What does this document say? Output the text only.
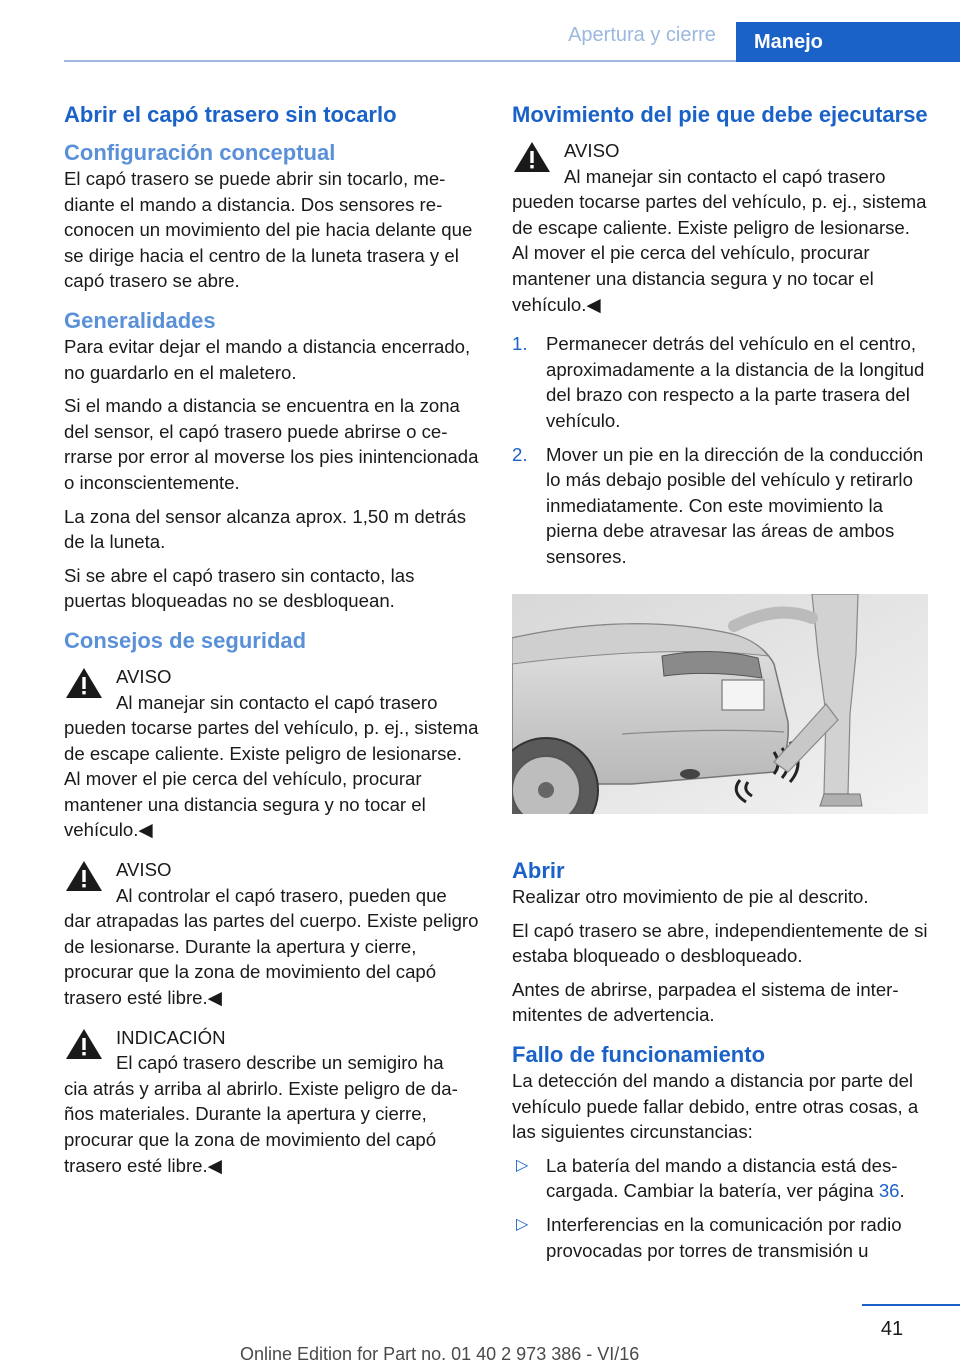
Apertura y cierre	Manejo
Abrir el capó trasero sin tocarlo
Configuración conceptual

El capó trasero se puede abrir sin tocarlo, mediante el mando a distancia. Dos sensores reconocen un movimiento del pie hacia delante que se dirige hacia el centro de la luneta trasera y el capó trasero se abre.

Generalidades

Para evitar dejar el mando a distancia encerrado, no guardarlo en el maletero.

Si el mando a distancia se encuentra en la zona del sensor, el capó trasero puede abrirse o cerrarse por error al moverse los pies inintencionada o inconscientemente.

La zona del sensor alcanza aprox. 1,50 m detrás de la luneta.

Si se abre el capó trasero sin contacto, las puertas bloqueadas no se desbloquean.

Consejos de seguridad
AVISO
Al manejar sin contacto el capó trasero
pueden tocarse partes del vehículo, p. ej., sistema de escape caliente. Existe peligro de lesionarse. Al mover el pie cerca del vehículo, procurar mantener una distancia segura y no tocar el vehículo.◀
AVISO
Al controlar el capó trasero, pueden que
dar atrapadas las partes del cuerpo. Existe peligro de lesionarse. Durante la apertura y cierre, procurar que la zona de movimiento del capó trasero esté libre.◀
INDICACIÓN
El capó trasero describe un semigiro ha
cia atrás y arriba al abrirlo. Existe peligro de daños materiales. Durante la apertura y cierre, procurar que la zona de movimiento del capó trasero esté libre.◀
Movimiento del pie que debe ejecutarse
AVISO
Al manejar sin contacto el capó trasero
pueden tocarse partes del vehículo, p. ej., sistema de escape caliente. Existe peligro de lesionarse. Al mover el pie cerca del vehículo, procurar mantener una distancia segura y no tocar el vehículo.◀
1. Permanecer detrás del vehículo en el centro, aproximadamente a la distancia de la longitud del brazo con respecto a la parte trasera del vehículo.
2. Mover un pie en la dirección de la conducción lo más debajo posible del vehículo y retirarlo inmediatamente. Con este movimiento la pierna debe atravesar las áreas de ambos sensores.
Abrir

Realizar otro movimiento de pie al descrito.

El capó trasero se abre, independientemente de si estaba bloqueado o desbloqueado.

Antes de abrirse, parpadea el sistema de intermitentes de advertencia.

Fallo de funcionamiento

La detección del mando a distancia por parte del vehículo puede fallar debido, entre otras cosas, a las siguientes circunstancias:

▷ La batería del mando a distancia está descargada. Cambiar la batería, ver página 36.
▷ Interferencias en la comunicación por radio provocadas por torres de transmisión u
41
Online Edition for Part no. 01 40 2 973 386 - VI/16
